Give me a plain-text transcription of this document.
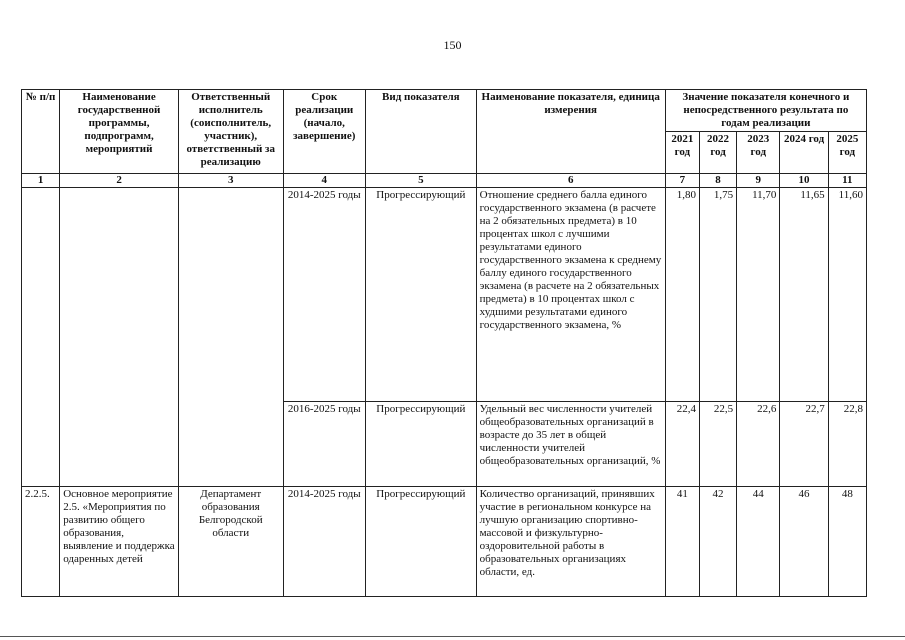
150
№ п/п	Наименование государственной программы, подпрограмм, мероприятий	Ответственный исполнитель (соисполнитель, участник), ответственный за реализацию	Срок реализации (начало, завершение)	Вид показателя	Наименование показателя, единица измерения	Значение показателя конечного и непосредственного результата по годам реализации				
						2021 год	2022 год	2023 год	2024 год	2025 год
1	2	3	4	5	6	7	8	9	10	11
			2014-2025 годы	Прогрессирующий	Отношение среднего балла единого государственного экзамена (в расчете на 2 обязательных предмета) в 10 процентах школ с лучшими результатами единого государственного экзамена к среднему баллу единого государственного экзамена (в расчете на 2 обязательных предмета) в 10 процентах школ с худшими результатами единого государственного экзамена, %	1,80	1,75	11,70	11,65	11,60
			2016-2025 годы	Прогрессирующий	Удельный вес численности учителей общеобразовательных организаций в возрасте до 35 лет в общей численности учителей общеобразовательных организаций, %	22,4	22,5	22,6	22,7	22,8
2.2.5.	Основное мероприятие 2.5. «Мероприятия по развитию общего образования, выявление и поддержка одаренных детей	Департамент образования Белгородской области	2014-2025 годы	Прогрессирующий	Количество организаций, принявших участие в региональном конкурсе на лучшую организацию спортивно-массовой и физкультурно-оздоровительной работы в образовательных организациях области, ед.	41	42	44	46	48
